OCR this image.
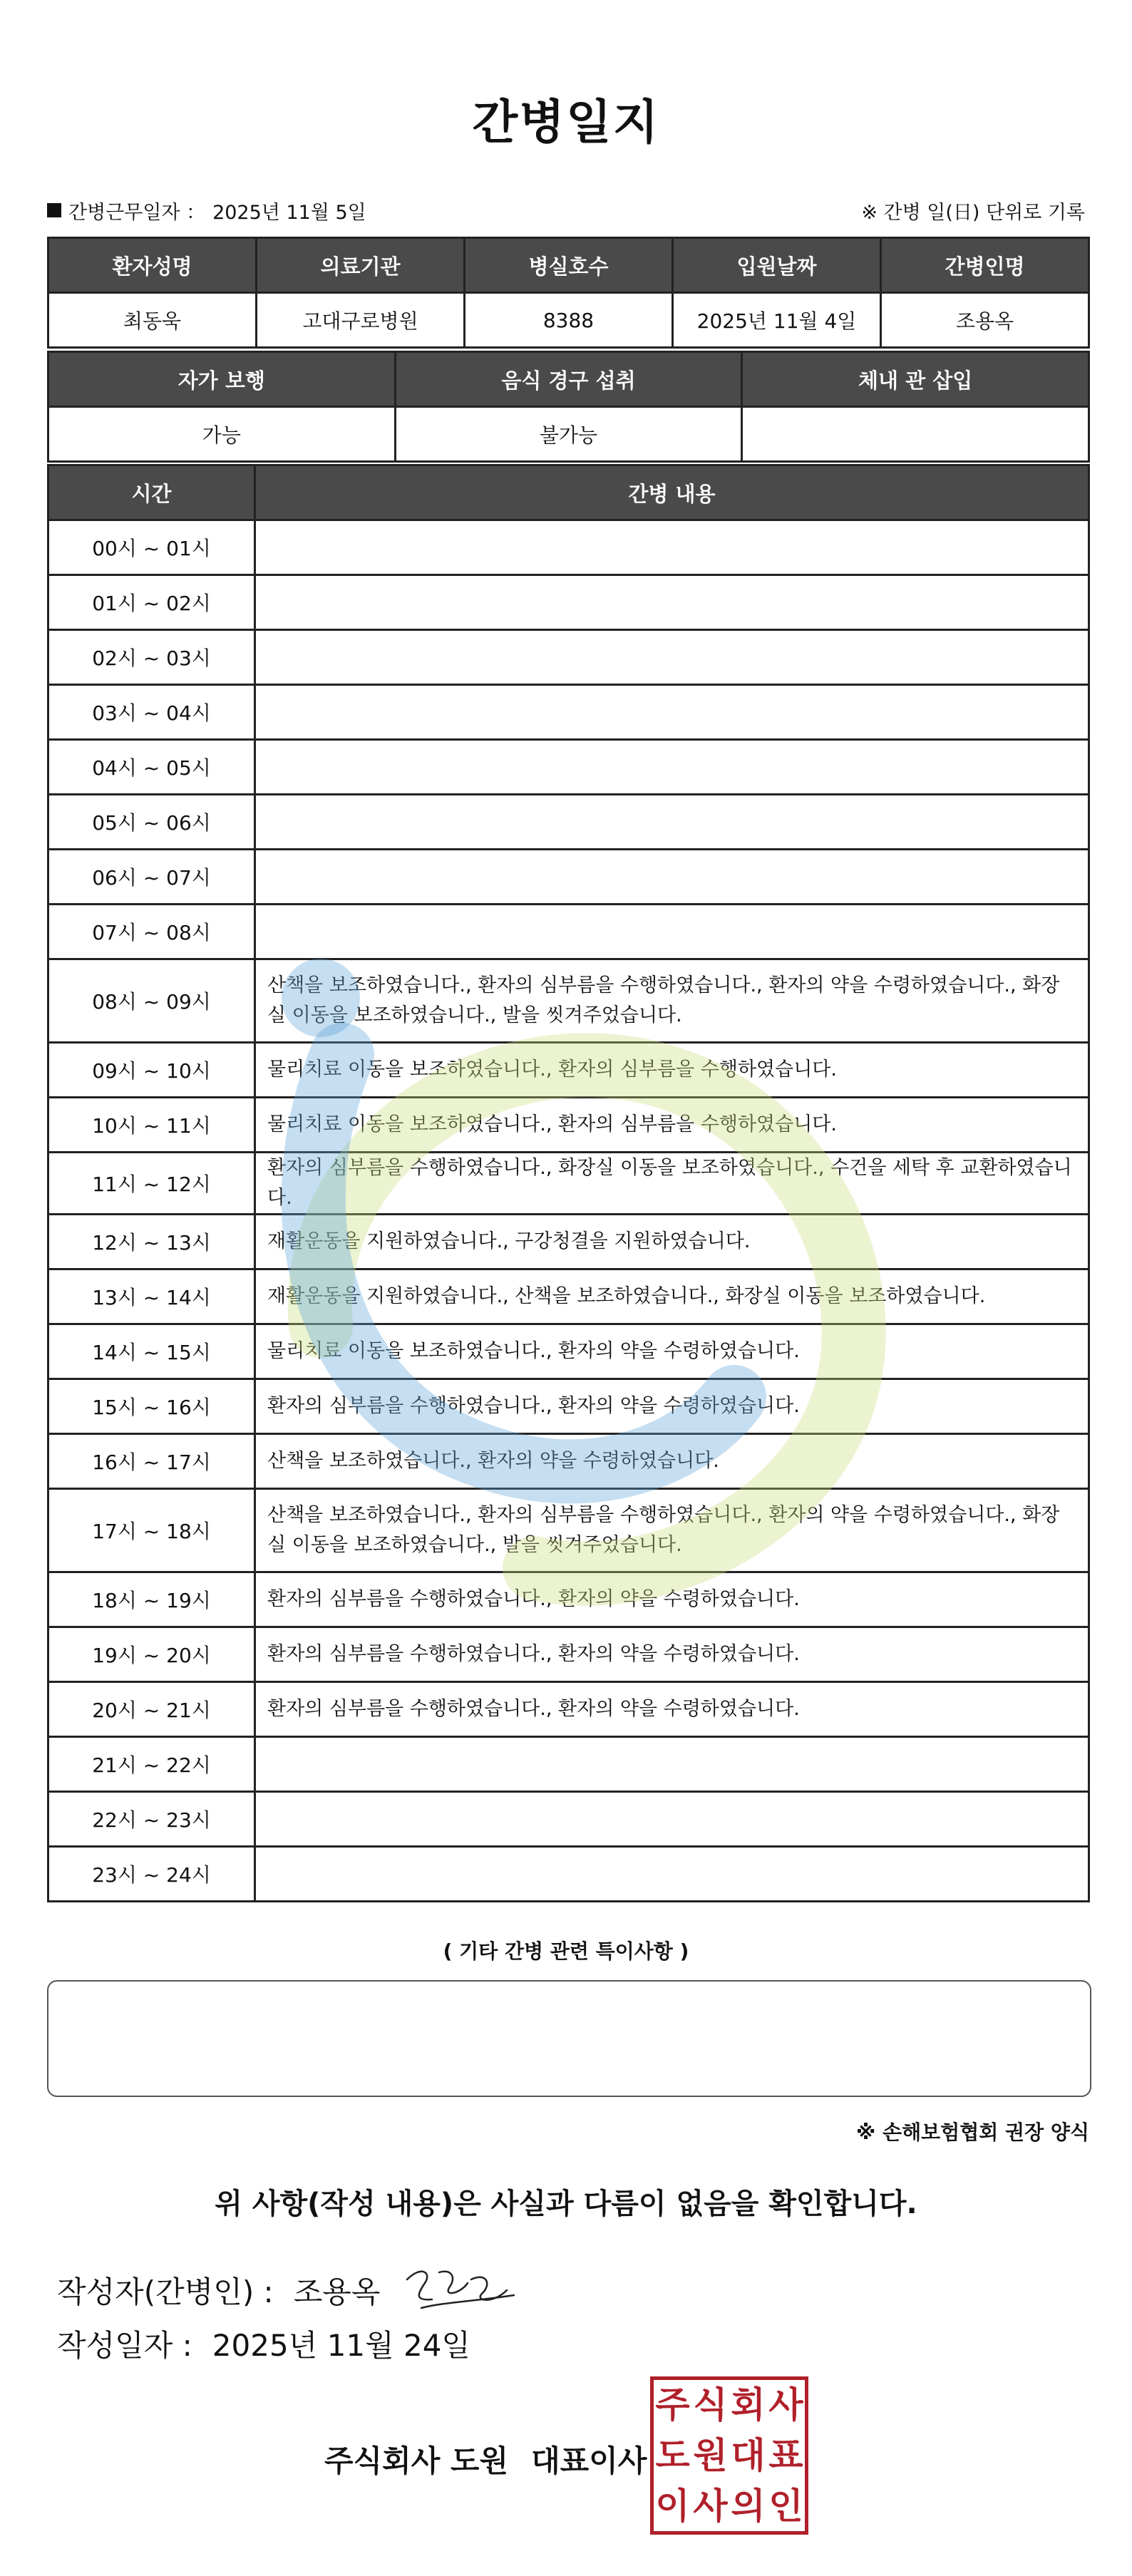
간병일지
간병근무일자 ： 2025년 11월 5일	※ 간병 일(日) 단위로 기록
환자성명	의료기관	병실호수	입원날짜	간병인명
최동욱	고대구로병원	8388	2025년 11월 4일	조용옥
자가 보행	음식 경구 섭취	체내 관 삽입
가능	불가능	
시간	간병 내용
00시 ~ 01시	
01시 ~ 02시	
02시 ~ 03시	
03시 ~ 04시	
04시 ~ 05시	
05시 ~ 06시	
06시 ~ 07시	
07시 ~ 08시	
08시 ~ 09시	산책을 보조하였습니다., 환자의 심부름을 수행하였습니다., 환자의 약을 수령하였습니다., 화장실 이동을 보조하였습니다., 발을 씻겨주었습니다.
09시 ~ 10시	물리치료 이동을 보조하였습니다., 환자의 심부름을 수행하였습니다.
10시 ~ 11시	물리치료 이동을 보조하였습니다., 환자의 심부름을 수행하였습니다.
11시 ~ 12시	환자의 심부름을 수행하였습니다., 화장실 이동을 보조하였습니다., 수건을 세탁 후 교환하였습니다.
12시 ~ 13시	재활운동을 지원하였습니다., 구강청결을 지원하였습니다.
13시 ~ 14시	재활운동을 지원하였습니다., 산책을 보조하였습니다., 화장실 이동을 보조하였습니다.
14시 ~ 15시	물리치료 이동을 보조하였습니다., 환자의 약을 수령하였습니다.
15시 ~ 16시	환자의 심부름을 수행하였습니다., 환자의 약을 수령하였습니다.
16시 ~ 17시	산책을 보조하였습니다., 환자의 약을 수령하였습니다.
17시 ~ 18시	산책을 보조하였습니다., 환자의 심부름을 수행하였습니다., 환자의 약을 수령하였습니다., 화장실 이동을 보조하였습니다., 발을 씻겨주었습니다.
18시 ~ 19시	환자의 심부름을 수행하였습니다., 환자의 약을 수령하였습니다.
19시 ~ 20시	환자의 심부름을 수행하였습니다., 환자의 약을 수령하였습니다.
20시 ~ 21시	환자의 심부름을 수행하였습니다., 환자의 약을 수령하였습니다.
21시 ~ 22시	
22시 ~ 23시	
23시 ~ 24시	
( 기타 간병 관련 특이사항 )
※ 손해보험협회 권장 양식
위 사항(작성 내용)은 사실과 다름이 없음을 확인합니다.
작성자(간병인) : 조용옥
작성일자 : 2025년 11월 24일
주식회사 도원 대표이사
주 식 회 사
도 원 대 표
이 사 의 인
